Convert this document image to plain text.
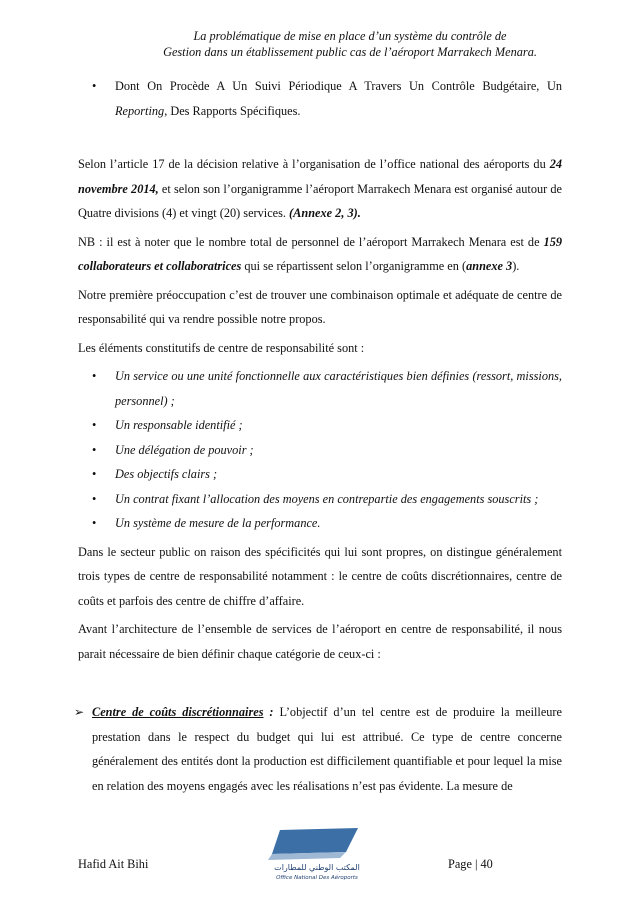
La problématique de mise en place d’un système du contrôle de
Gestion dans un établissement public cas de l’aéroport Marrakech Menara.
• Dont On Procède A Un Suivi Périodique A Travers Un Contrôle Budgétaire, Un Reporting, Des Rapports Spécifiques.

Selon l’article 17 de la décision relative à l’organisation de l’office national des aéroports du 24 novembre 2014, et selon son l’organigramme l’aéroport Marrakech Menara est organisé autour de Quatre divisions (4) et vingt (20) services. (Annexe 2, 3).

NB : il est à noter que le nombre total de personnel de l’aéroport Marrakech Menara est de 159 collaborateurs et collaboratrices qui se répartissent selon l’organigramme en (annexe 3).

Notre première préoccupation c’est de trouver une combinaison optimale et adéquate de centre de responsabilité qui va rendre possible notre propos.

Les éléments constitutifs de centre de responsabilité sont :

• Un service ou une unité fonctionnelle aux caractéristiques bien définies (ressort, missions, personnel) ;
• Un responsable identifié ;
• Une délégation de pouvoir ;
• Des objectifs clairs ;
• Un contrat fixant l’allocation des moyens en contrepartie des engagements souscrits ;
• Un système de mesure de la performance.

Dans le secteur public on raison des spécificités qui lui sont propres, on distingue généralement trois types de centre de responsabilité notamment : le centre de coûts discrétionnaires, centre de coûts et parfois des centre de chiffre d’affaire.

Avant l’architecture de l’ensemble de services de l’aéroport en centre de responsabilité, il nous parait nécessaire de bien définir chaque catégorie de ceux-ci :

➢ Centre de coûts discrétionnaires : L’objectif d’un tel centre est de produire la meilleure prestation dans le respect du budget qui lui est attribué. Ce type de centre concerne généralement des entités dont la production est difficilement quantifiable et pour lequel la mise en relation des moyens engagés avec les réalisations n’est pas évidente. La mesure de

المكتب الوطني للمطارات
Office National Des Aéroports
Hafid Ait Bihi	Page | 40
